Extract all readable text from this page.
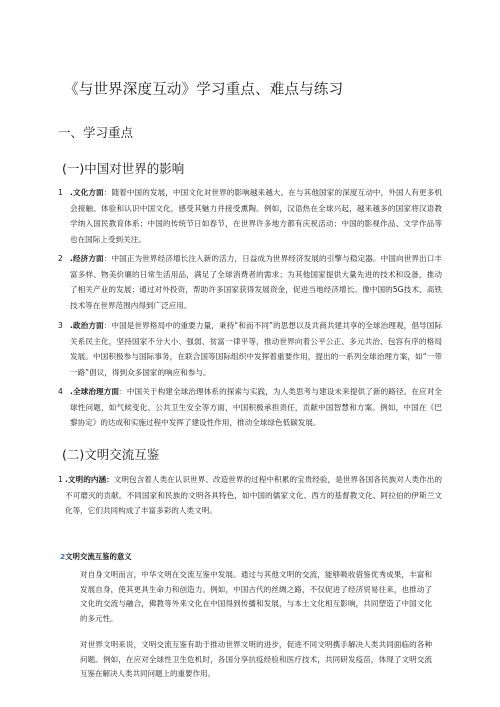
《与世界深度互动》学习重点、难点与练习
一、学习重点
(一)中国对世界的影响
1 .文化方面：随着中国的发展，中国文化对世界的影响越来越大。在与其他国家的深度互动中，外国人有更多机会接触、体验和认识中国文化，感受其魅力并接受熏陶。例如，汉语热在全球兴起，越来越多的国家将汉语教学纳入国民教育体系；中国的传统节日如春节，在世界许多地方都有庆祝活动；中国的影视作品、文学作品等也在国际上受到关注。
2 .经济方面：中国正为世界经济增长注入新的活力，日益成为世界经济发展的引擎与稳定器。中国向世界出口丰富多样、物美价廉的日常生活用品，满足了全球消费者的需求；为其他国家提供大量先进的技术和设备，推动了相关产业的发展；通过对外投资，帮助许多国家获得发展资金，促进当地经济增长。像中国的5G技术、高铁技术等在世界范围内得到广泛应用。
3 .政治方面：中国是世界格局中的重要力量，秉持“和而不同”的思想以及共商共建共享的全球治理观，倡导国际关系民主化，坚持国家不分大小、强弱、贫富一律平等，推动世界向着公平公正、多元共治、包容有序的格局发展。中国积极参与国际事务，在联合国等国际组织中发挥着重要作用，提出的一系列全球治理方案，如“一带一路”倡议，得到众多国家的响应和参与。
4 .全球治理方面：中国关于构建全球治理体系的探索与实践，为人类思考与建设未来提供了新的路径。在应对全球性问题，如气候变化、公共卫生安全等方面，中国积极承担责任，贡献中国智慧和方案。例如，中国在《巴黎协定》的达成和实施过程中发挥了建设性作用，推动全球绿色低碳发展。
(二)文明交流互鉴
1 .文明的内涵：文明包含着人类在认识世界、改造世界的过程中积累的宝贵经验，是世界各国各民族对人类作出的不可磨灭的贡献。不同国家和民族的文明各具特色，如中国的儒家文化、西方的基督教文化、阿拉伯的伊斯兰文化等，它们共同构成了丰富多彩的人类文明。
2文明交流互鉴的意义
对自身文明而言，中华文明在交流互鉴中发展。通过与其他文明的交流，能够吸收借鉴优秀成果，丰富和发展自身，使其更具生命力和创造力。例如，中国古代的丝绸之路，不仅促进了经济贸易往来，也推动了文化的交流与融合，佛教等外来文化在中国得到传播和发展，与本土文化相互影响，共同塑造了中国文化的多元性。
对世界文明来说，文明交流互鉴有助于推动世界文明的进步，促进不同文明携手解决人类共同面临的各种问题。例如，在应对全球性卫生危机时，各国分享抗疫经验和医疗技术，共同研发疫苗，体现了文明交流互鉴在解决人类共同问题上的重要作用。
